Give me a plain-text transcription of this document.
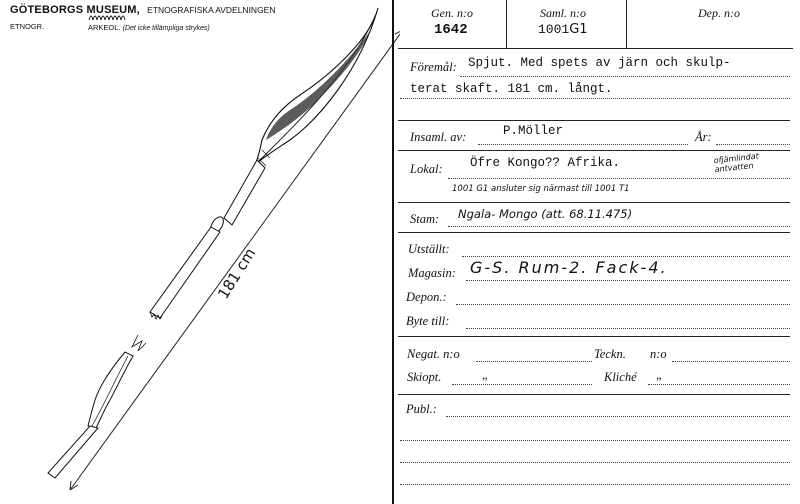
GÖTEBORGS MUSEUM, ETNOGRAFISKA AVDELNINGEN
ETNOGR.	ARKEOL. (Det icke tillämpliga strykes)
181 cm
Gen. n:o
1642
Saml. n:o
1001G1
Dep. n:o
Föremål: Spjut. Med spets av järn och skulp-
terat skaft. 181 cm. långt.
Insaml. av:	P.Möller	År:
Lokal: Öfre Kongo?? Afrika.	ofjämlindat antvatten
1001 G1 ansluter sig närmast till 1001 T1
Stam: Ngala- Mongo (att. 68.11.475)
Utställt:
Magasin: G-S. Rum-2. Fack-4.
Depon.:
Byte till:
Negat. n:o	Teckn. n:o
Skiopt.	„	Kliché „
Publ.:
